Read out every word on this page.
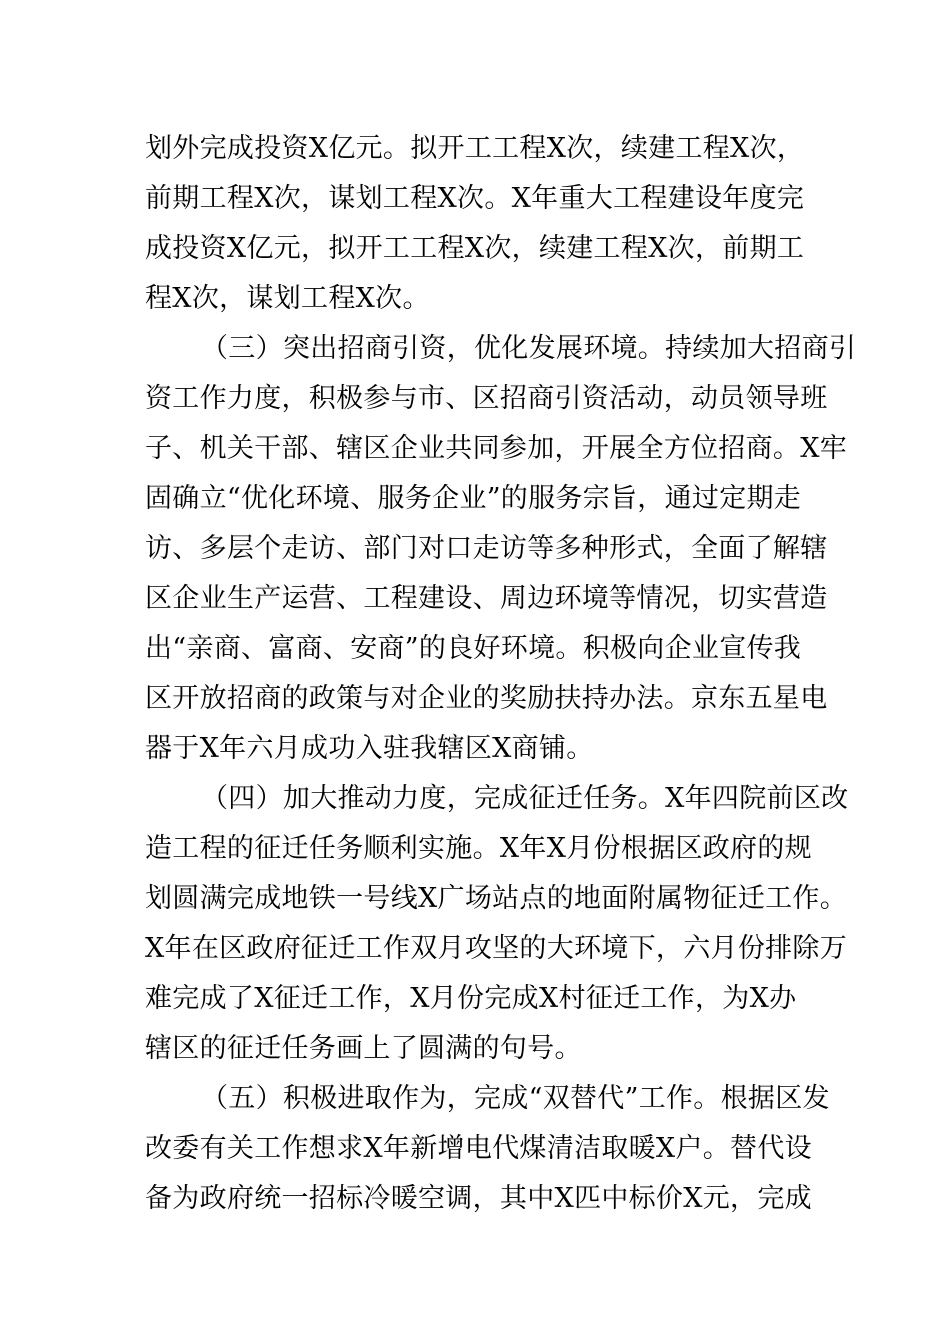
划外完成投资X亿元。拟开工工程X次，续建工程X次，
前期工程X次，谋划工程X次。X年重大工程建设年度完
成投资X亿元，拟开工工程X次，续建工程X次，前期工
程X次，谋划工程X次。
（三）突出招商引资，优化发展环境。持续加大招商引
资工作力度，积极参与市、区招商引资活动，动员领导班
子、机关干部、辖区企业共同参加，开展全方位招商。X牢
固确立“优化环境、服务企业”的服务宗旨，通过定期走
访、多层个走访、部门对口走访等多种形式，全面了解辖
区企业生产运营、工程建设、周边环境等情况，切实营造
出“亲商、富商、安商”的良好环境。积极向企业宣传我
区开放招商的政策与对企业的奖励扶持办法。京东五星电
器于X年六月成功入驻我辖区X商铺。
（四）加大推动力度，完成征迁任务。X年四院前区改
造工程的征迁任务顺利实施。X年X月份根据区政府的规
划圆满完成地铁一号线X广场站点的地面附属物征迁工作。
X年在区政府征迁工作双月攻坚的大环境下，六月份排除万
难完成了X征迁工作，X月份完成X村征迁工作，为X办
辖区的征迁任务画上了圆满的句号。
（五）积极进取作为，完成“双替代”工作。根据区发
改委有关工作想求X年新增电代煤清洁取暖X户。替代设
备为政府统一招标冷暖空调，其中X匹中标价X元，完成
